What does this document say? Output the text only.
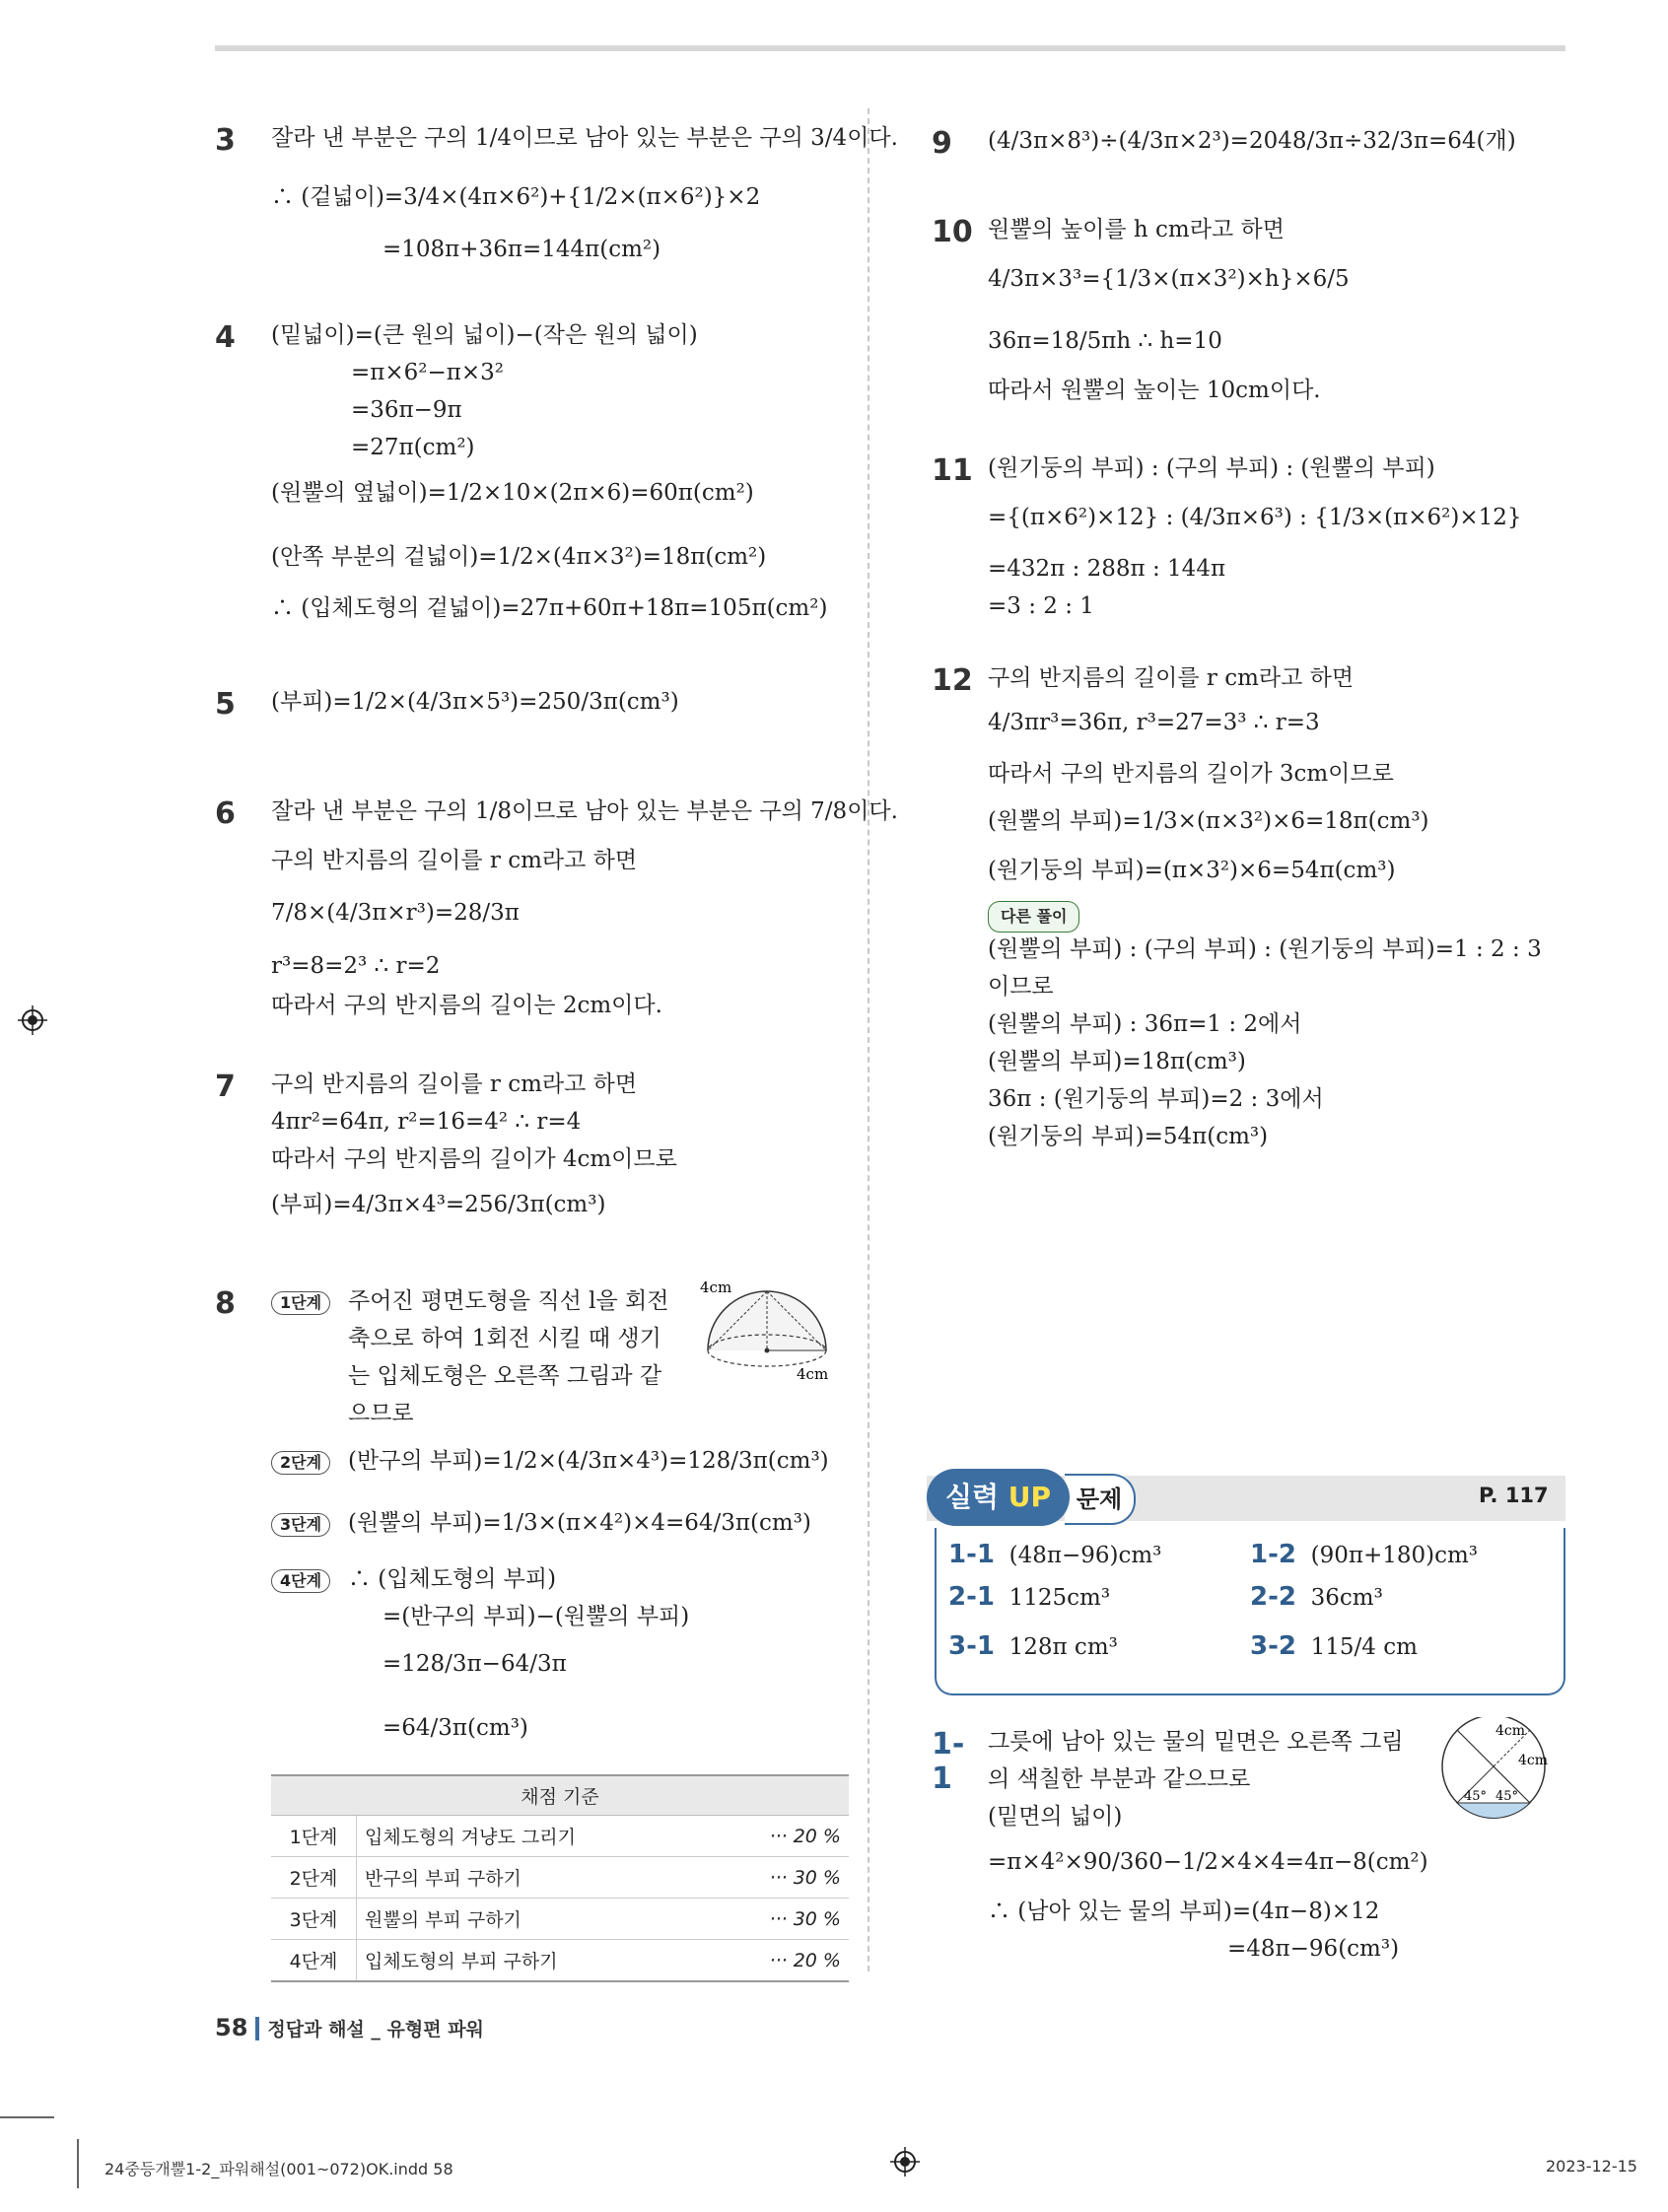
3 잘라 낸 부분은 구의 1/4이므로 남아 있는 부분은 구의 3/4이다.
∴ (겉넓이)=3/4×(4π×6²)+{1/2×(π×6²)}×2
=108π+36π=144π(cm²)
4 (밑넓이)=(큰 원의 넓이)−(작은 원의 넓이)
=π×6²−π×3²
=36π−9π
=27π(cm²)
(원뿔의 옆넓이)=1/2×10×(2π×6)=60π(cm²)
(안쪽 부분의 겉넓이)=1/2×(4π×3²)=18π(cm²)
∴ (입체도형의 겉넓이)=27π+60π+18π=105π(cm²)
5 (부피)=1/2×(4/3π×5³)=250/3π(cm³)
6 잘라 낸 부분은 구의 1/8이므로 남아 있는 부분은 구의 7/8이다.
구의 반지름의 길이를 r cm라고 하면
7/8×(4/3π×r³)=28/3π
r³=8=2³ ∴ r=2
따라서 구의 반지름의 길이는 2cm이다.
7 구의 반지름의 길이를 r cm라고 하면
4πr²=64π, r²=16=4² ∴ r=4
따라서 구의 반지름의 길이가 4cm이므로
(부피)=4/3π×4³=256/3π(cm³)
8	1단계	주어진 평면도형을 직선 l을 회전
축으로 하여 1회전 시킬 때 생기
는 입체도형은 오른쪽 그림과 같
으므로
2단계	(반구의 부피)=1/2×(4/3π×4³)=128/3π(cm³)
3단계	(원뿔의 부피)=1/3×(π×4²)×4=64/3π(cm³)
4단계	∴ (입체도형의 부피)
=(반구의 부피)−(원뿔의 부피)
=128/3π−64/3π
=64/3π(cm³)
4cm
4cm
채점 기준		
1단계	입체도형의 겨냥도 그리기	··· 20 %
2단계	반구의 부피 구하기	··· 30 %
3단계	원뿔의 부피 구하기	··· 30 %
4단계	입체도형의 부피 구하기	··· 20 %
9 (4/3π×8³)÷(4/3π×2³)=2048/3π÷32/3π=64(개)
10 원뿔의 높이를 h cm라고 하면
4/3π×3³={1/3×(π×3²)×h}×6/5
36π=18/5πh ∴ h=10
따라서 원뿔의 높이는 10cm이다.
11 (원기둥의 부피) : (구의 부피) : (원뿔의 부피)
={(π×6²)×12} : (4/3π×6³) : {1/3×(π×6²)×12}
=432π : 288π : 144π
=3 : 2 : 1
12 구의 반지름의 길이를 r cm라고 하면
4/3πr³=36π, r³=27=3³ ∴ r=3
따라서 구의 반지름의 길이가 3cm이므로
(원뿔의 부피)=1/3×(π×3²)×6=18π(cm³)
(원기둥의 부피)=(π×3²)×6=54π(cm³)
다른 풀이
(원뿔의 부피) : (구의 부피) : (원기둥의 부피)=1 : 2 : 3
이므로
(원뿔의 부피) : 36π=1 : 2에서
(원뿔의 부피)=18π(cm³)
36π : (원기둥의 부피)=2 : 3에서
(원기둥의 부피)=54π(cm³)
문제
실력 UP	P. 117
1-1 (48π−96)cm³	1-2 (90π+180)cm³
2-1 1125cm³	2-2 36cm³
3-1 128π cm³	3-2 115/4 cm
1-1
그릇에 남아 있는 물의 밑면은 오른쪽 그림
의 색칠한 부분과 같으므로
(밑면의 넓이)
=π×4²×90/360−1/2×4×4=4π−8(cm²)
∴ (남아 있는 물의 부피)=(4π−8)×12
=48π−96(cm³)
4cm
4cm
45° 45°
58 정답과 해설 _ 유형편 파워
24중등개뿔1-2_파워해설(001~072)OK.indd 58	2023-12-15
